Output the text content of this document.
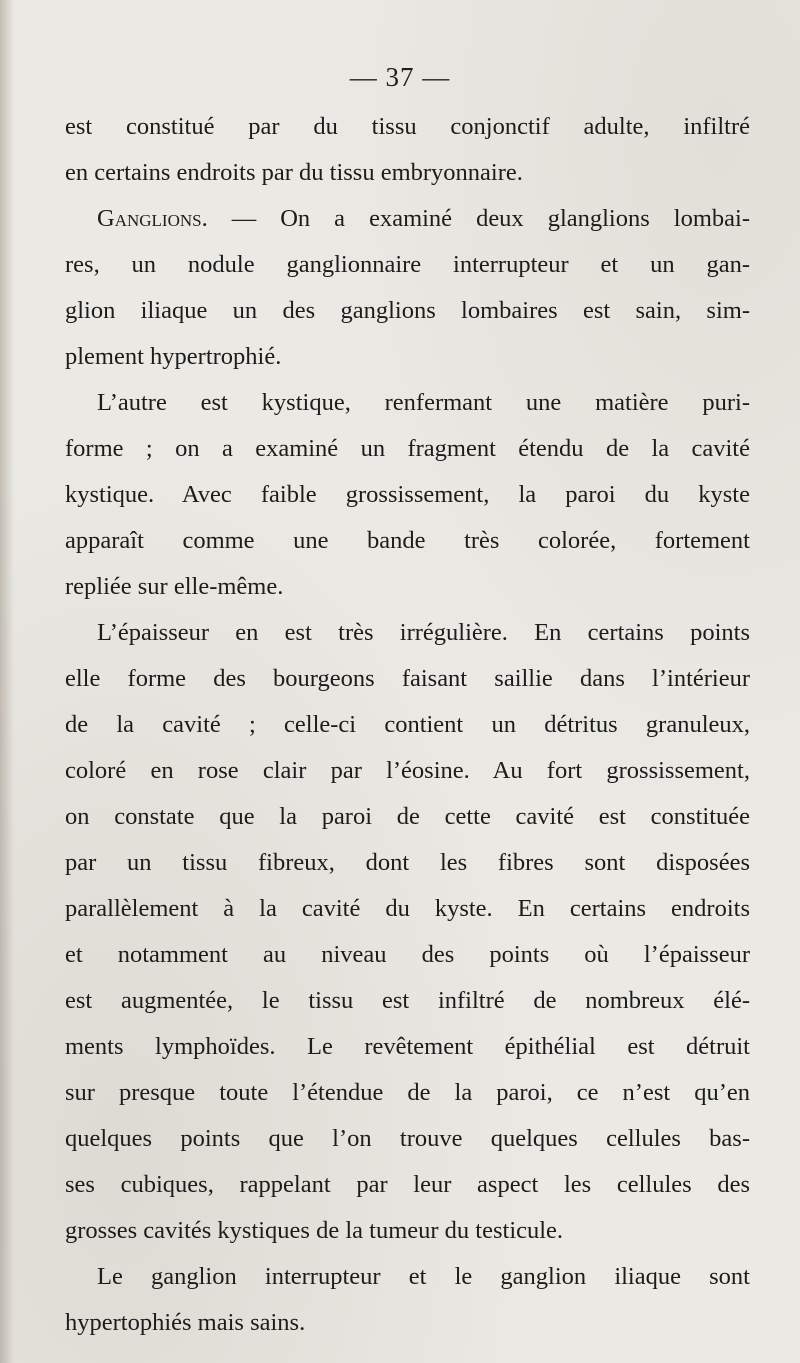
— 37 —
est constitué par du tissu conjonctif adulte, infiltré
en certains endroits par du tissu embryonnaire.
Ganglions. — On a examiné deux glanglions lombai-
res, un nodule ganglionnaire interrupteur et un gan-
glion iliaque un des ganglions lombaires est sain, sim-
plement hypertrophié.
L’autre est kystique, renfermant une matière puri-
forme ; on a examiné un fragment étendu de la cavité
kystique. Avec faible grossissement, la paroi du kyste
apparaît comme une bande très colorée, fortement
repliée sur elle-même.
L’épaisseur en est très irrégulière. En certains points
elle forme des bourgeons faisant saillie dans l’intérieur
de la cavité ; celle-ci contient un détritus granuleux,
coloré en rose clair par l’éosine. Au fort grossissement,
on constate que la paroi de cette cavité est constituée
par un tissu fibreux, dont les fibres sont disposées
parallèlement à la cavité du kyste. En certains endroits
et notamment au niveau des points où l’épaisseur
est augmentée, le tissu est infiltré de nombreux élé-
ments lymphoïdes. Le revêtement épithélial est détruit
sur presque toute l’étendue de la paroi, ce n’est qu’en
quelques points que l’on trouve quelques cellules bas-
ses cubiques, rappelant par leur aspect les cellules des
grosses cavités kystiques de la tumeur du testicule.
Le ganglion interrupteur et le ganglion iliaque sont
hypertophiés mais sains.
